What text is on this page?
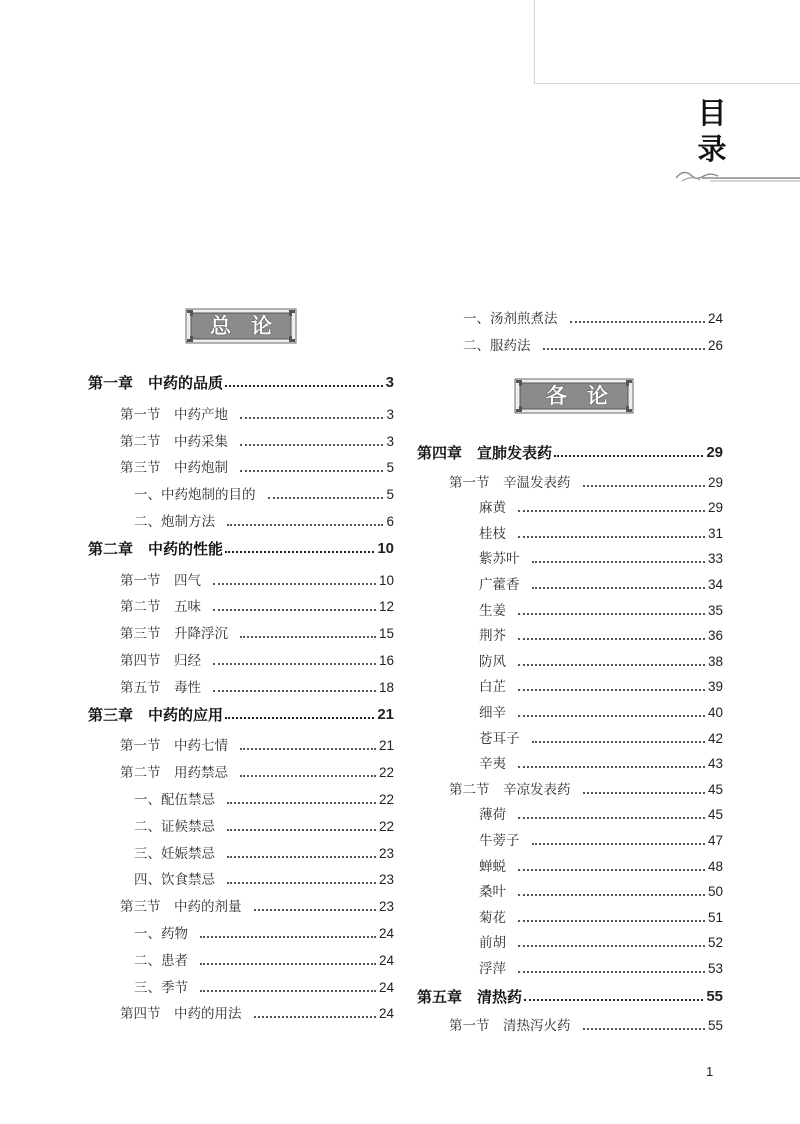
目
录
总论
第一章　中药的品质	3
第一节　中药产地	3
第二节　中药采集	3
第三节　中药炮制	5
一、中药炮制的目的	5
二、炮制方法	6
第二章　中药的性能	10
第一节　四气	10
第二节　五味	12
第三节　升降浮沉	15
第四节　归经	16
第五节　毒性	18
第三章　中药的应用	21
第一节　中药七情	21
第二节　用药禁忌	22
一、配伍禁忌	22
二、证候禁忌	22
三、妊娠禁忌	23
四、饮食禁忌	23
第三节　中药的剂量	23
一、药物	24
二、患者	24
三、季节	24
第四节　中药的用法	24
一、汤剂煎煮法	24
二、服药法	26
各论
第四章　宣肺发表药	29
第一节　辛温发表药	29
麻黄	29
桂枝	31
紫苏叶	33
广藿香	34
生姜	35
荆芥	36
防风	38
白芷	39
细辛	40
苍耳子	42
辛夷	43
第二节　辛凉发表药	45
薄荷	45
牛蒡子	47
蝉蜕	48
桑叶	50
菊花	51
前胡	52
浮萍	53
第五章　清热药	55
第一节　清热泻火药	55
1
